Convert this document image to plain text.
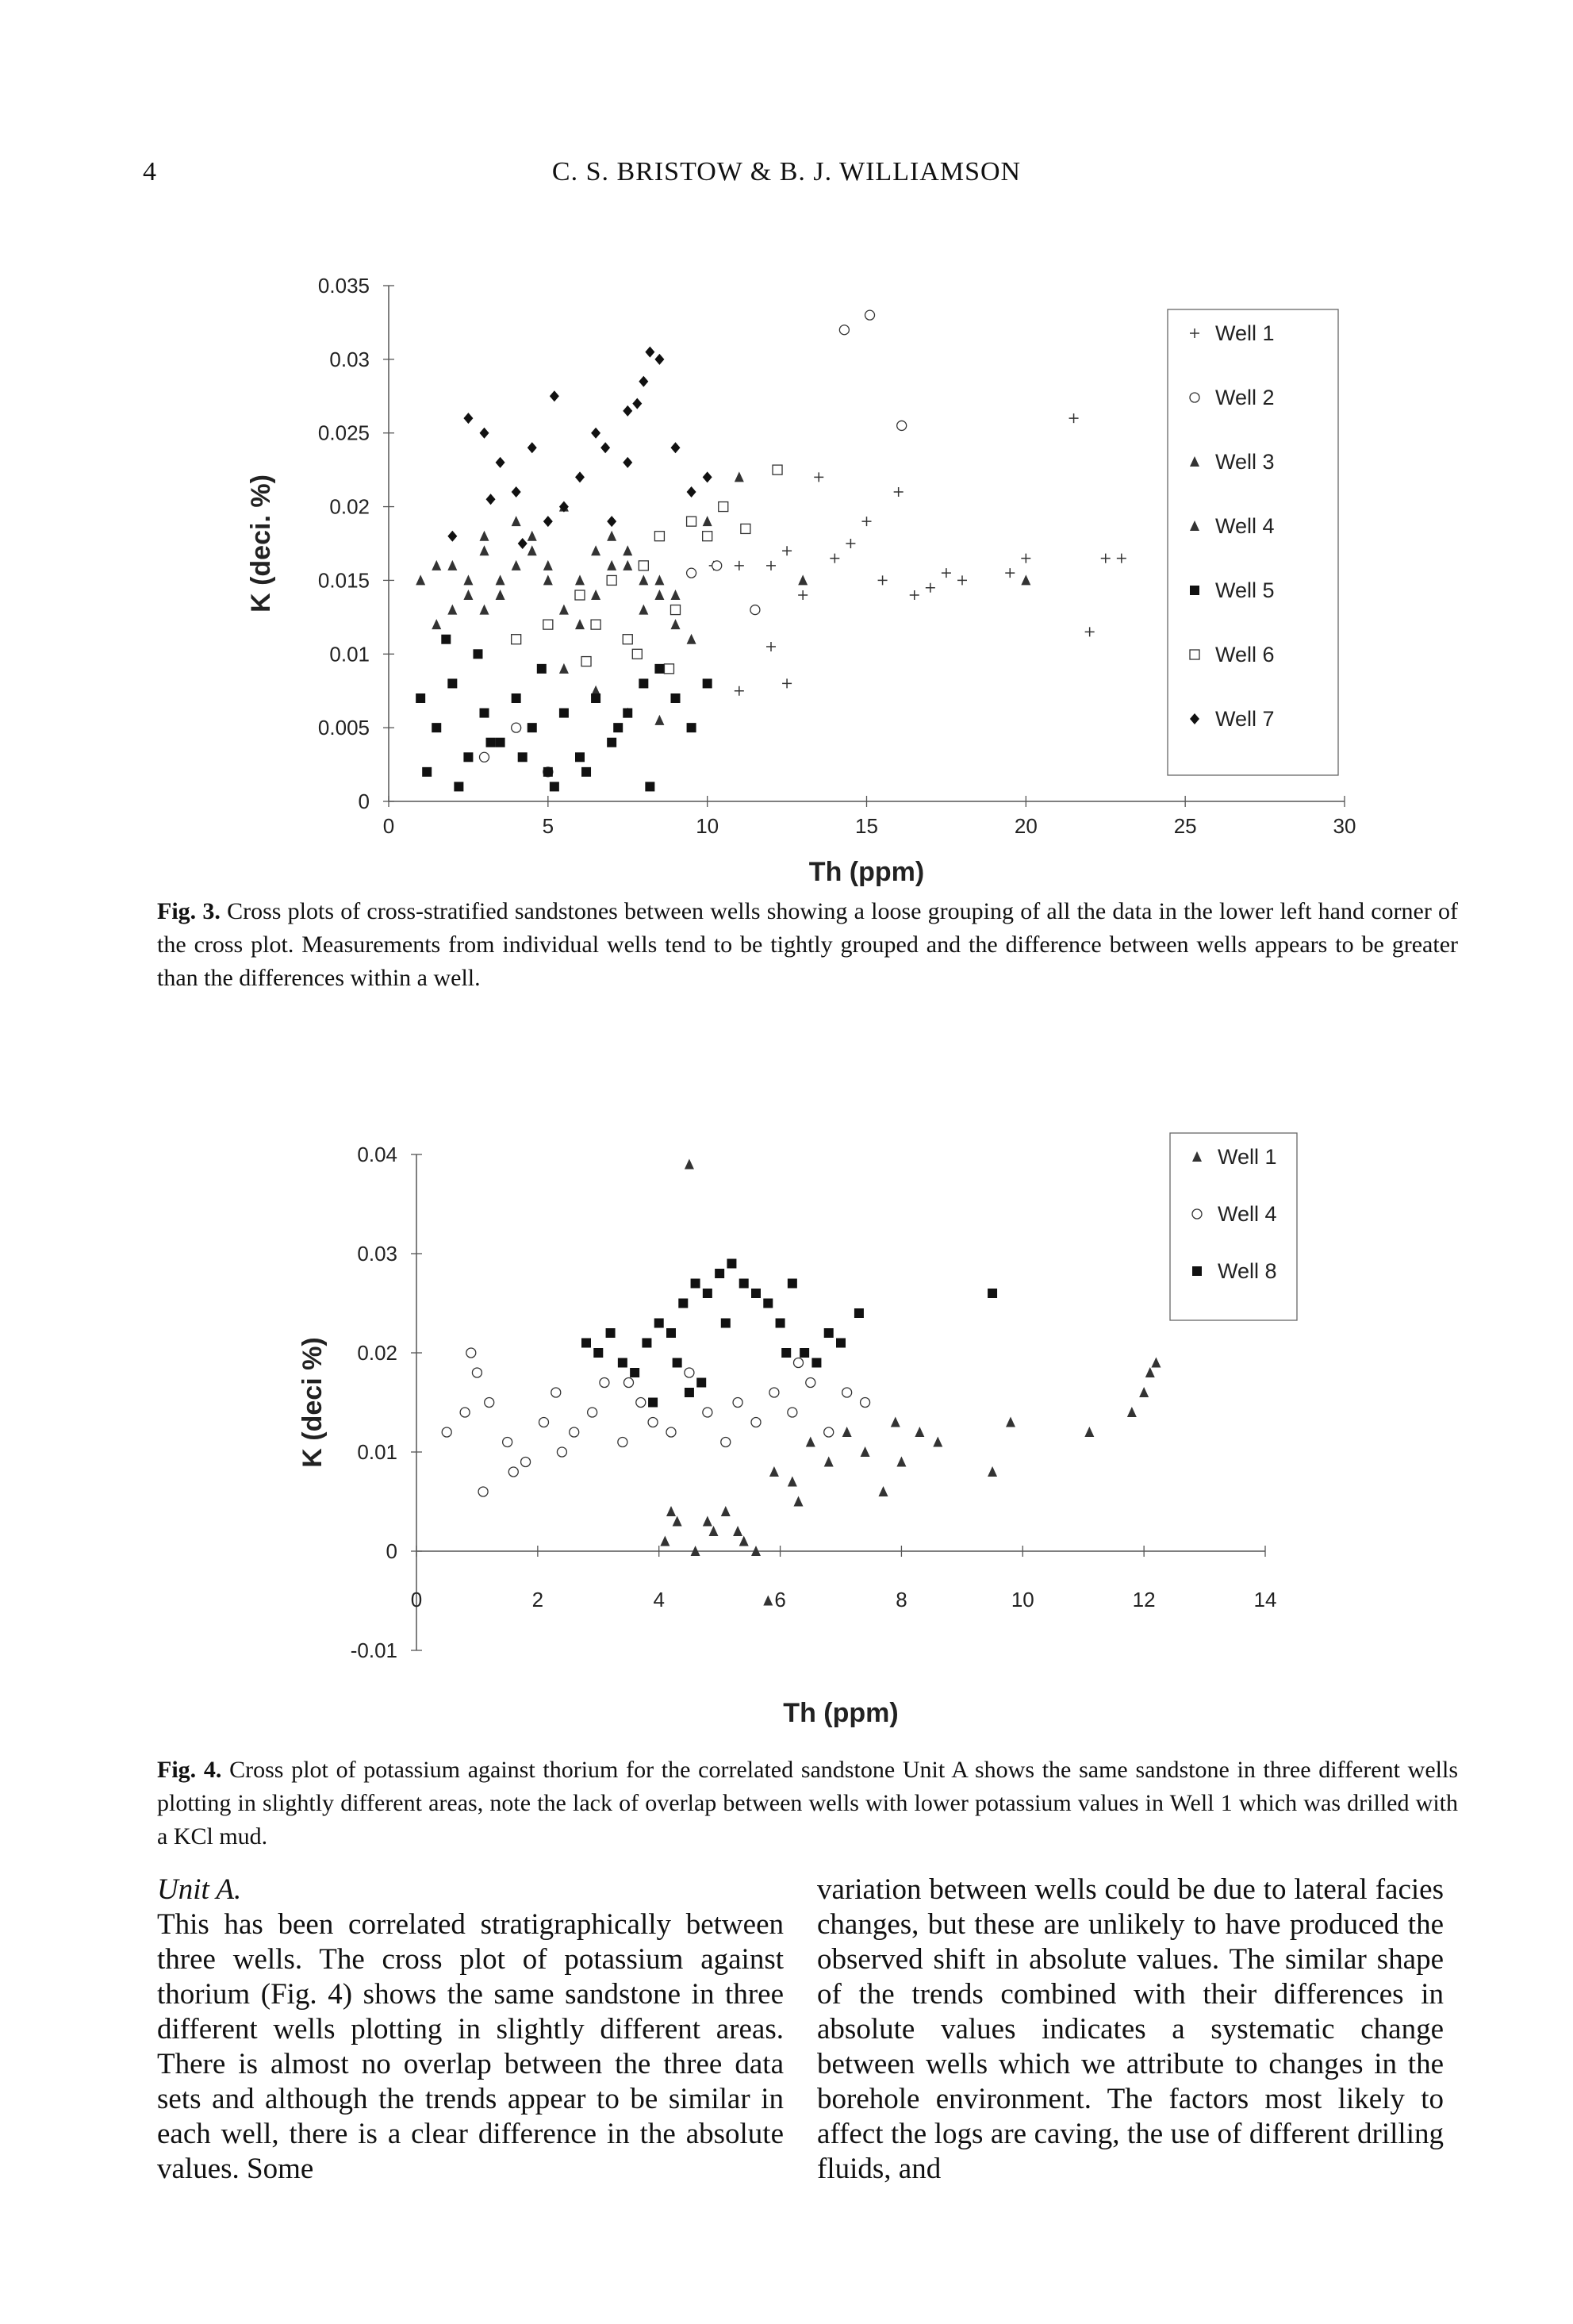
4	C. S. BRISTOW & B. J. WILLIAMSON
0
0.005
0.01
0.015
0.02
0.025
0.03
0.035
0	5	10	15	20	25	30
Th (ppm)
K (deci. %)
Well 1
Well 2
Well 3
Well 4
Well 5
Well 6
Well 7
Fig. 3. Cross plots of cross-stratified sandstones between wells showing a loose grouping of all the data in the lower left hand corner of the cross plot. Measurements from individual wells tend to be tightly grouped and the difference between wells appears to be greater than the differences within a well.
-0.01
0
0.01
0.02
0.03
0.04
0	2	4	6	8	10	12	14
Th (ppm)
K (deci %)
Well 1
Well 4
Well 8
Fig. 4. Cross plot of potassium against thorium for the correlated sandstone Unit A shows the same sandstone in three different wells plotting in slightly different areas, note the lack of overlap between wells with lower potassium values in Well 1 which was drilled with a KCl mud.
Unit A.
This has been correlated stratigraphically between three wells. The cross plot of potassium against thorium (Fig. 4) shows the same sandstone in three different wells plotting in slightly different areas. There is almost no overlap between the three data sets and although the trends appear to be similar in each well, there is a clear difference in the absolute values. Some
variation between wells could be due to lateral facies changes, but these are unlikely to have produced the observed shift in absolute values. The similar shape of the trends combined with their differences in absolute values indicates a systematic change between wells which we attribute to changes in the borehole environment. The factors most likely to affect the logs are caving, the use of different drilling fluids, and
